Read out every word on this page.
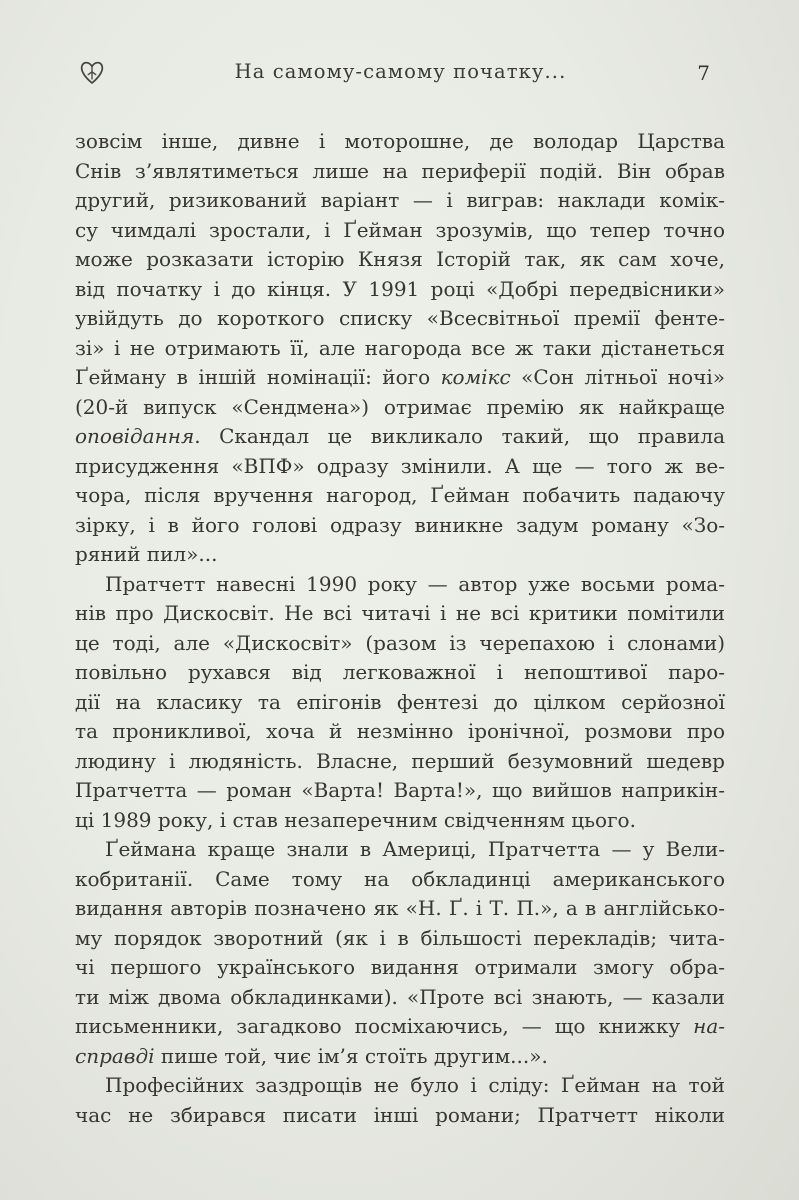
На самому-самому початку...	7
зовсім інше, дивне і моторошне, де володар Царства
Снів з’являтиметься лише на периферії подій. Він обрав
другий, ризикований варіант — і виграв: наклади комік-
су чимдалі зростали, і Ґейман зрозумів, що тепер точно
може розказати історію Князя Історій так, як сам хоче,
від початку і до кінця. У 1991 році «Добрі передвісники»
увійдуть до короткого списку «Всесвітньої премії фенте-
зі» і не отримають її, але нагорода все ж таки дістанеться
Ґейману в іншій номінації: його комікс «Сон літньої ночі»
(20-й випуск «Сендмена») отримає премію як найкраще
оповідання. Скандал це викликало такий, що правила
присудження «ВПФ» одразу змінили. А ще — того ж ве-
чора, після вручення нагород, Ґейман побачить падаючу
зірку, і в його голові одразу виникне задум роману «Зо-
ряний пил»...
Пратчетт навесні 1990 року — автор уже восьми рома-
нів про Дискосвіт. Не всі читачі і не всі критики помітили
це тоді, але «Дискосвіт» (разом із черепахою і слонами)
повільно рухався від легковажної і непоштивої паро-
дії на класику та епігонів фентезі до цілком серйозної
та проникливої, хоча й незмінно іронічної, розмови про
людину і людяність. Власне, перший безумовний шедевр
Пратчетта — роман «Варта! Варта!», що вийшов наприкін-
ці 1989 року, і став незаперечним свідченням цього.
Ґеймана краще знали в Америці, Пратчетта — у Вели-
кобританії. Саме тому на обкладинці американського
видання авторів позначено як «Н. Ґ. і Т. П.», а в англійсько-
му порядок зворотний (як і в більшості перекладів; чита-
чі першого українського видання отримали змогу обра-
ти між двома обкладинками). «Проте всі знають, — казали
письменники, загадково посміхаючись, — що книжку на-
справді пише той, чиє ім’я стоїть другим...».
Професійних заздрощів не було і сліду: Ґейман на той
час не збирався писати інші романи; Пратчетт ніколи
